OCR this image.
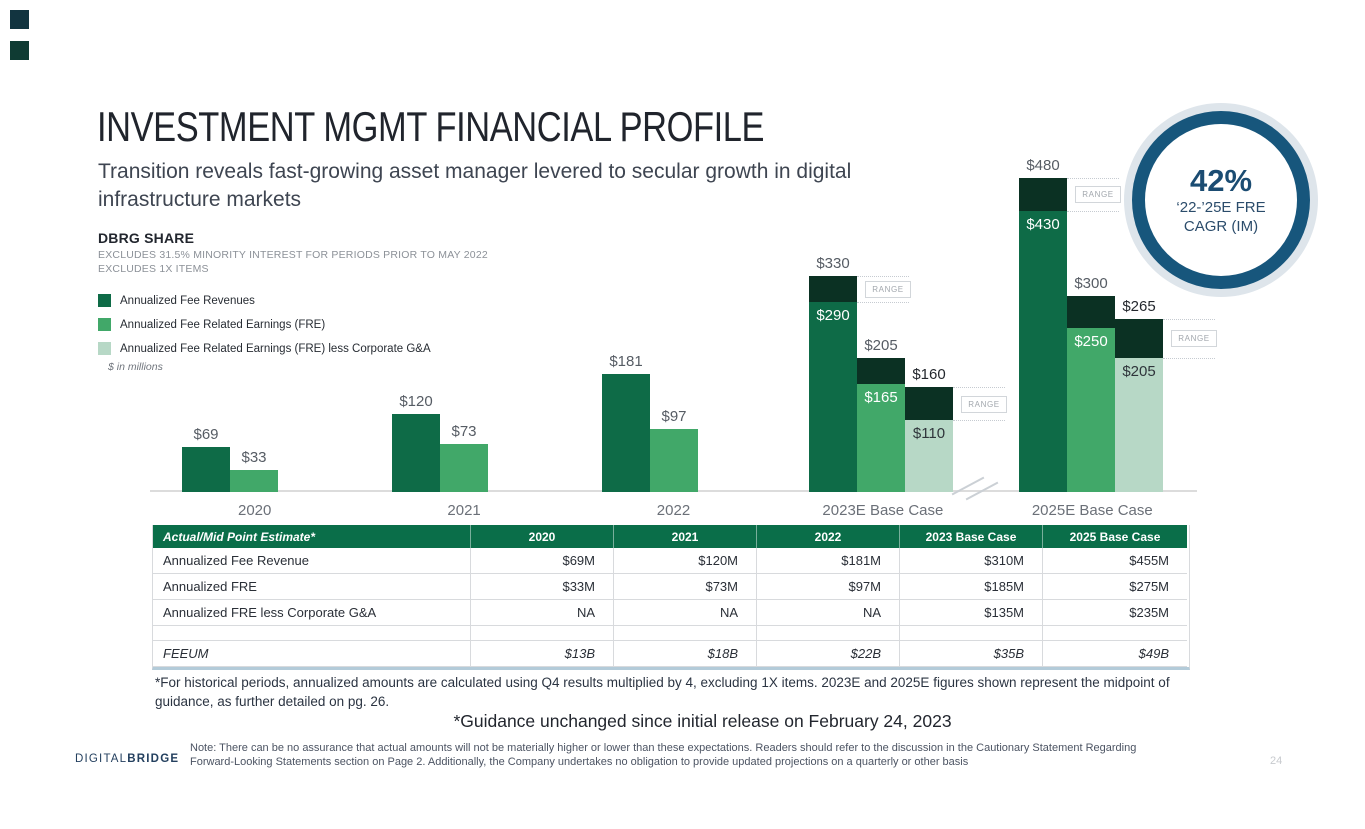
INVESTMENT MGMT FINANCIAL PROFILE
Transition reveals fast-growing asset manager levered to secular growth in digital infrastructure markets
DBRG SHARE
EXCLUDES 31.5% MINORITY INTEREST FOR PERIODS PRIOR TO MAY 2022
EXCLUDES 1X ITEMS
Annualized Fee Revenues
Annualized Fee Related Earnings (FRE)
Annualized Fee Related Earnings (FRE) less Corporate G&A
$ in millions
$69
$33
2020
$120
$73
2021
$181
$97
2022
$330
$290
RANGE
$205
$165
$160
$110
RANGE
2023E Base Case
$480
$430
RANGE
$300
$250
$265
$205
RANGE
2025E Base Case
42%
‘22-’25E FRE
CAGR (IM)
Actual/Mid Point Estimate*	2020	2021	2022	2023 Base Case	2025 Base Case
Annualized Fee Revenue	$69M	$120M	$181M	$310M	$455M
Annualized FRE	$33M	$73M	$97M	$185M	$275M
Annualized FRE less Corporate G&A	NA	NA	NA	$135M	$235M
FEEUM	$13B	$18B	$22B	$35B	$49B
*For historical periods, annualized amounts are calculated using Q4 results multiplied by 4, excluding 1X items. 2023E and 2025E figures shown represent the midpoint of guidance, as further detailed on pg. 26.
*Guidance unchanged since initial release on February 24, 2023
DIGITALBRIDGE
Note: There can be no assurance that actual amounts will not be materially higher or lower than these expectations. Readers should refer to the discussion in the Cautionary Statement Regarding Forward-Looking Statements section on Page 2. Additionally, the Company undertakes no obligation to provide updated projections on a quarterly or other basis	24
